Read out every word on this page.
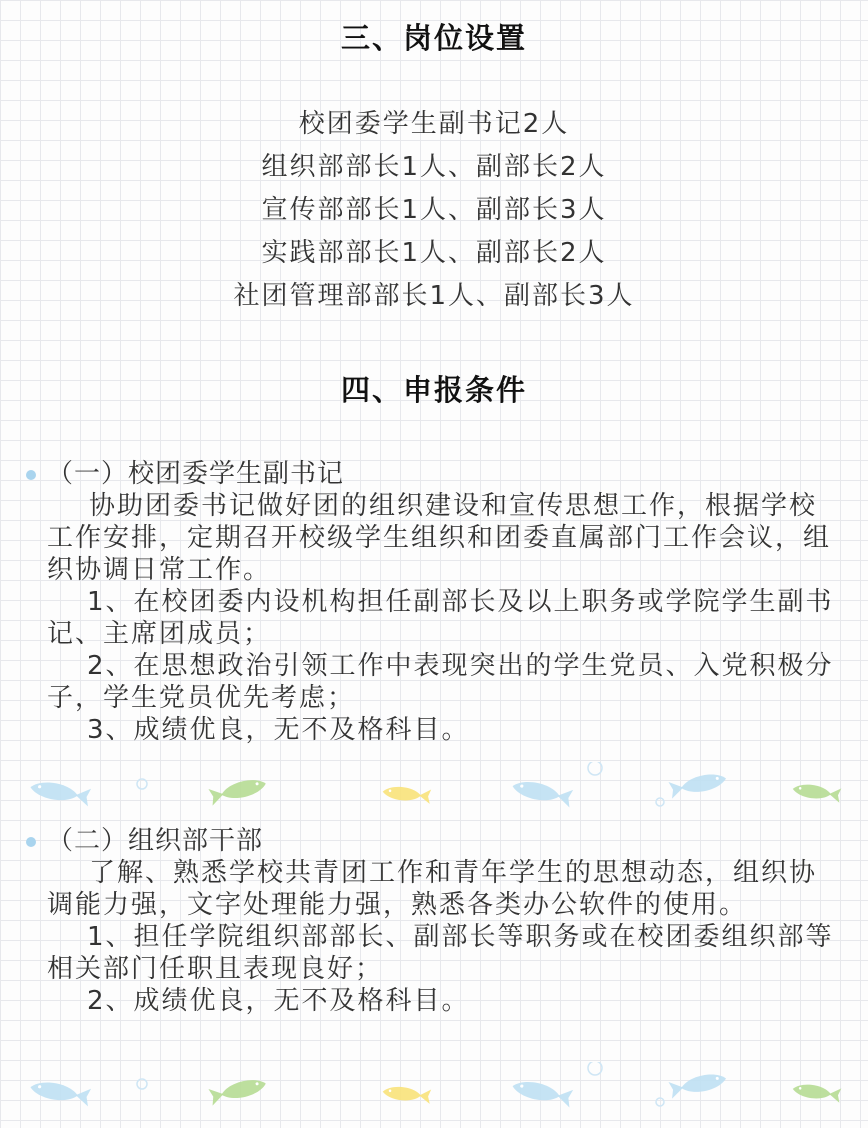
三、岗位设置
校团委学生副书记2人
组织部部长1人、副部长2人
宣传部部长1人、副部长3人
实践部部长1人、副部长2人
社团管理部部长1人、副部长3人
四、申报条件
（一）校团委学生副书记

协助团委书记做好团的组织建设和宣传思想工作，根据学校工作安排，定期召开校级学生组织和团委直属部门工作会议，组织协调日常工作。

1、在校团委内设机构担任副部长及以上职务或学院学生副书记、主席团成员；

2、在思想政治引领工作中表现突出的学生党员、入党积极分子，学生党员优先考虑；

3、成绩优良，无不及格科目。

（二）组织部干部

了解、熟悉学校共青团工作和青年学生的思想动态，组织协调能力强，文字处理能力强，熟悉各类办公软件的使用。

1、担任学院组织部部长、副部长等职务或在校团委组织部等相关部门任职且表现良好；

2、成绩优良，无不及格科目。
